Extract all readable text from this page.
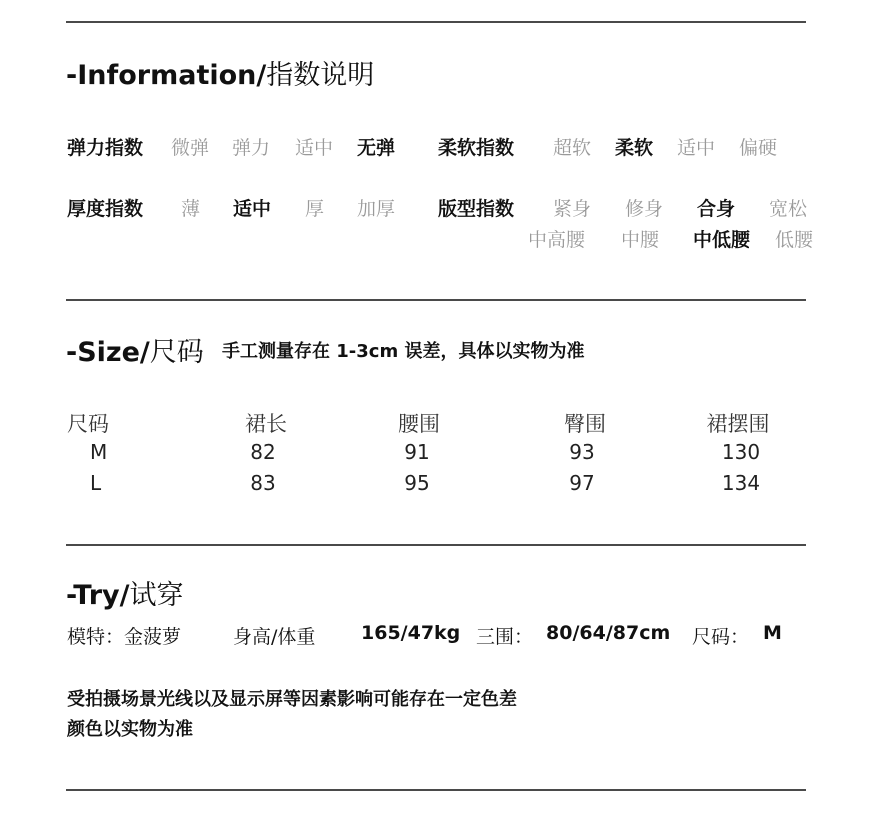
-Information/指数说明
弹力指数 微弹 弹力 适中 无弹 柔软指数 超软 柔软 适中 偏硬
厚度指数 薄 适中 厚 加厚 版型指数 紧身 修身 合身 宽松
中高腰 中腰 中低腰 低腰
-Size/尺码 手工测量存在 1-3cm 误差，具体以实物为准
尺码	裙长	腰围	臀围	裙摆围
M	82	91	93	130
L	83	95	97	134
-Try/试穿
模特：金菠萝	身高/体重 165/47kg 三围： 80/64/87cm 尺码： M
受拍摄场景光线以及显示屏等因素影响可能存在一定色差
颜色以实物为准
